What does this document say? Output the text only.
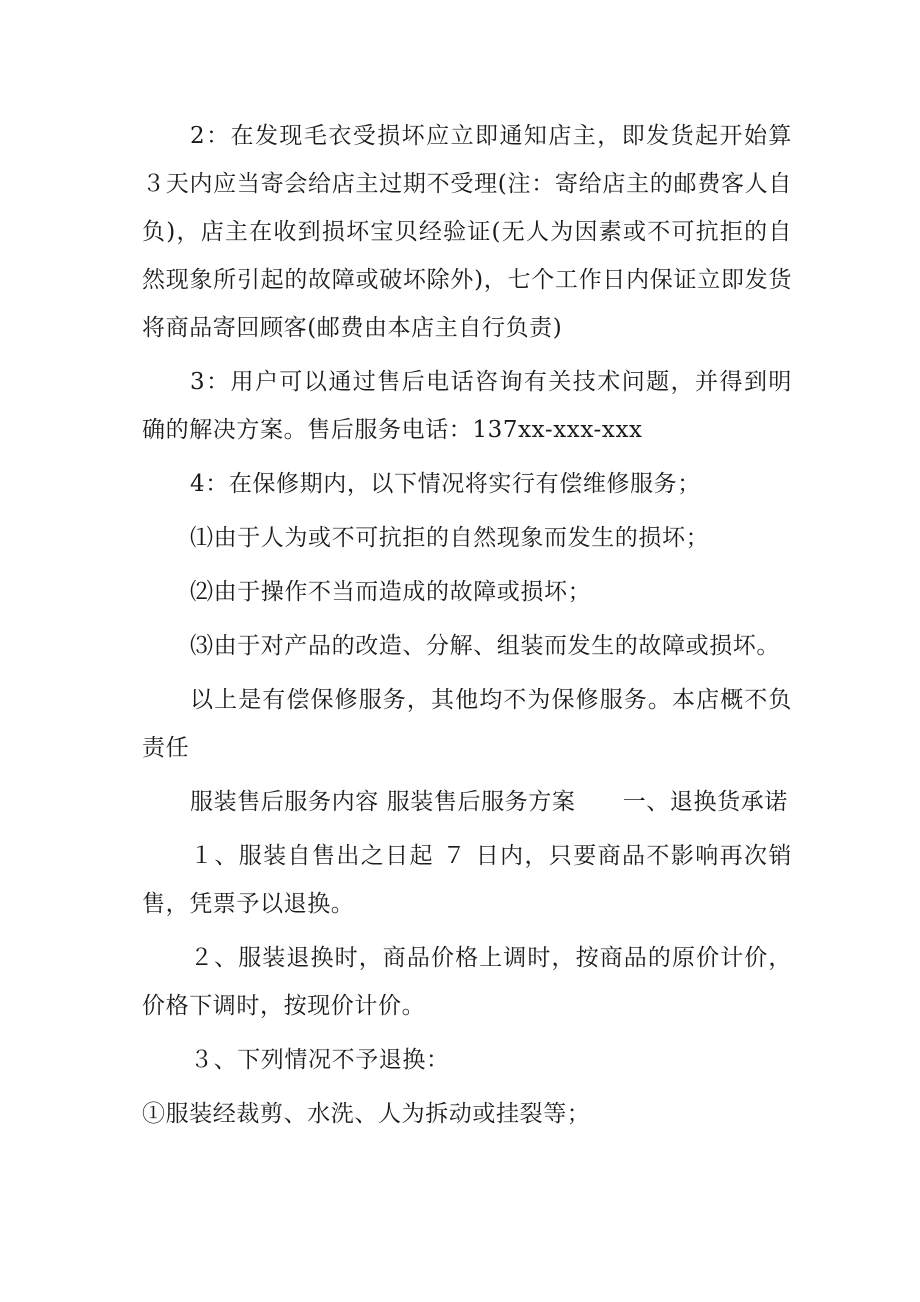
2：在发现毛衣受损坏应立即通知店主，即发货起开始算３天内应当寄会给店主过期不受理(注：寄给店主的邮费客人自负)，店主在收到损坏宝贝经验证(无人为因素或不可抗拒的自然现象所引起的故障或破坏除外)，七个工作日内保证立即发货将商品寄回顾客(邮费由本店主自行负责)

3：用户可以通过售后电话咨询有关技术问题，并得到明确的解决方案。售后服务电话：137xx-xxx-xxx

4：在保修期内，以下情况将实行有偿维修服务；

⑴由于人为或不可抗拒的自然现象而发生的损坏；

⑵由于操作不当而造成的故障或损坏；

⑶由于对产品的改造、分解、组装而发生的故障或损坏。

以上是有偿保修服务，其他均不为保修服务。本店概不负责任

服装售后服务内容 服装售后服务方案　　一、退换货承诺

１、服装自售出之日起 ７ 日内，只要商品不影响再次销售，凭票予以退换。

２、服装退换时，商品价格上调时，按商品的原价计价，价格下调时，按现价计价。

３、下列情况不予退换：

①服装经裁剪、水洗、人为拆动或挂裂等；
